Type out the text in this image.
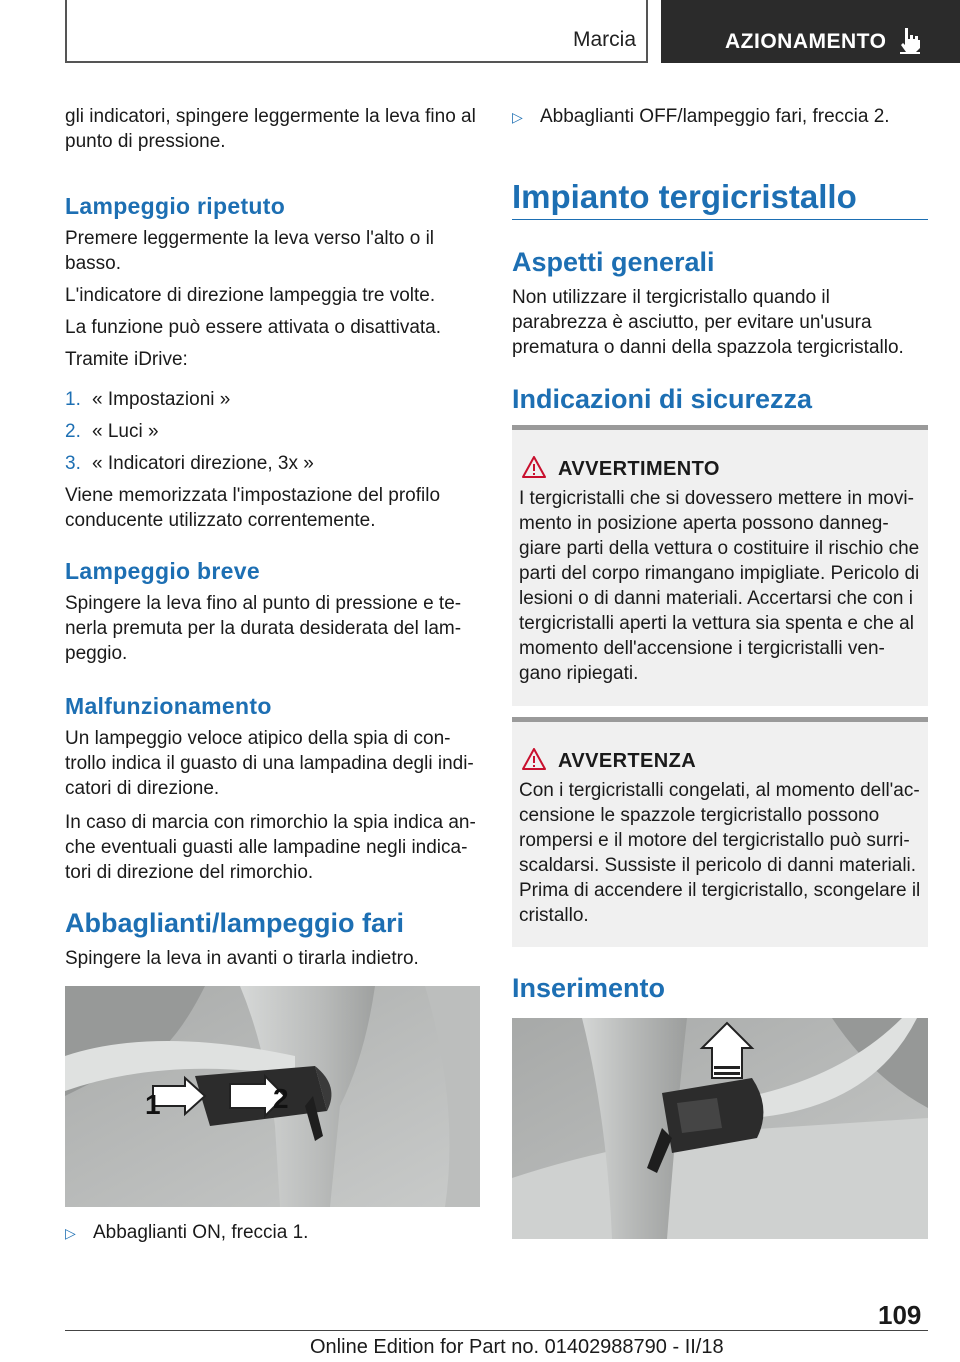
Marcia	AZIONAMENTO

gli indicatori, spingere leggermente la leva fino al punto di pressione.

Lampeggio ripetuto

Premere leggermente la leva verso l'alto o il basso.

L'indicatore di direzione lampeggia tre volte.

La funzione può essere attivata o disattivata.

Tramite iDrive:

1. « Impostazioni »
2. « Luci »
3. « Indicatori direzione, 3x »

Viene memorizzata l'impostazione del profilo conducente utilizzato correntemente.

Lampeggio breve

Spingere la leva fino al punto di pressione e te-nerla premuta per la durata desiderata del lam-peggio.

Malfunzionamento

Un lampeggio veloce atipico della spia di con-trollo indica il guasto di una lampadina degli indi-catori di direzione.

In caso di marcia con rimorchio la spia indica an-che eventuali guasti alle lampadine negli indica-tori di direzione del rimorchio.

Abbaglianti/lampeggio fari

Spingere la leva in avanti o tirarla indietro.

1	2
▷ Abbaglianti ON, freccia 1.
▷ Abbaglianti OFF/lampeggio fari, freccia 2.
Impianto tergicristallo
Aspetti generali

Non utilizzare il tergicristallo quando il parabrezza è asciutto, per evitare un'usura prematura o danni della spazzola tergicristallo.

Indicazioni di sicurezza
AVVERTIMENTO

I tergicristalli che si dovessero mettere in movi-mento in posizione aperta possono danneg-giare parti della vettura o costituire il rischio che parti del corpo rimangano impigliate. Pericolo di lesioni o di danni materiali. Accertarsi che con i tergicristalli aperti la vettura sia spenta e che al momento dell'accensione i tergicristalli ven-gano ripiegati.

AVVERTENZA

Con i tergicristalli congelati, al momento dell'ac-censione le spazzole tergicristallo possono rompersi e il motore del tergicristallo può surri-scaldarsi. Sussiste il pericolo di danni materiali. Prima di accendere il tergicristallo, scongelare il cristallo.

Inserimento
109
Online Edition for Part no. 01402988790 - II/18
